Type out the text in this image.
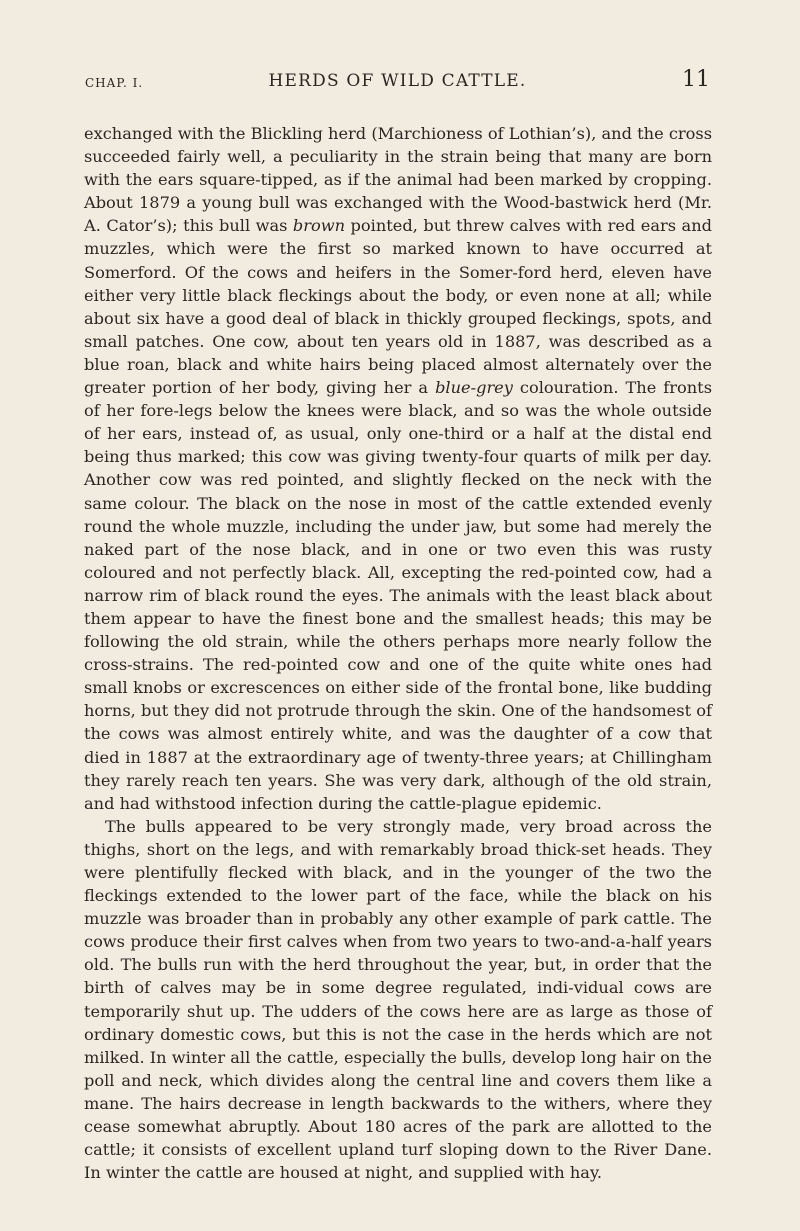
CHAP. I.	HERDS OF WILD CATTLE.	11

exchanged with the Blickling herd (Marchioness of Lothian’s), and the cross succeeded fairly well, a peculiarity in the strain being that many are born with the ears square-tipped, as if the animal had been marked by cropping. About 1879 a young bull was exchanged with the Wood-bastwick herd (Mr. A. Cator’s); this bull was brown pointed, but threw calves with red ears and muzzles, which were the first so marked known to have occurred at Somerford. Of the cows and heifers in the Somer-ford herd, eleven have either very little black fleckings about the body, or even none at all; while about six have a good deal of black in thickly grouped fleckings, spots, and small patches. One cow, about ten years old in 1887, was described as a blue roan, black and white hairs being placed almost alternately over the greater portion of her body, giving her a blue-grey colouration. The fronts of her fore-legs below the knees were black, and so was the whole outside of her ears, instead of, as usual, only one-third or a half at the distal end being thus marked; this cow was giving twenty-four quarts of milk per day. Another cow was red pointed, and slightly flecked on the neck with the same colour. The black on the nose in most of the cattle extended evenly round the whole muzzle, including the under jaw, but some had merely the naked part of the nose black, and in one or two even this was rusty coloured and not perfectly black. All, excepting the red-pointed cow, had a narrow rim of black round the eyes. The animals with the least black about them appear to have the finest bone and the smallest heads; this may be following the old strain, while the others perhaps more nearly follow the cross-strains. The red-pointed cow and one of the quite white ones had small knobs or excrescences on either side of the frontal bone, like budding horns, but they did not protrude through the skin. One of the handsomest of the cows was almost entirely white, and was the daughter of a cow that died in 1887 at the extraordinary age of twenty-three years; at Chillingham they rarely reach ten years. She was very dark, although of the old strain, and had withstood infection during the cattle-plague epidemic.

The bulls appeared to be very strongly made, very broad across the thighs, short on the legs, and with remarkably broad thick-set heads. They were plentifully flecked with black, and in the younger of the two the fleckings extended to the lower part of the face, while the black on his muzzle was broader than in probably any other example of park cattle. The cows produce their first calves when from two years to two-and-a-half years old. The bulls run with the herd throughout the year, but, in order that the birth of calves may be in some degree regulated, indi-vidual cows are temporarily shut up. The udders of the cows here are as large as those of ordinary domestic cows, but this is not the case in the herds which are not milked. In winter all the cattle, especially the bulls, develop long hair on the poll and neck, which divides along the central line and covers them like a mane. The hairs decrease in length backwards to the withers, where they cease somewhat abruptly. About 180 acres of the park are allotted to the cattle; it consists of excellent upland turf sloping down to the River Dane. In winter the cattle are housed at night, and supplied with hay.
